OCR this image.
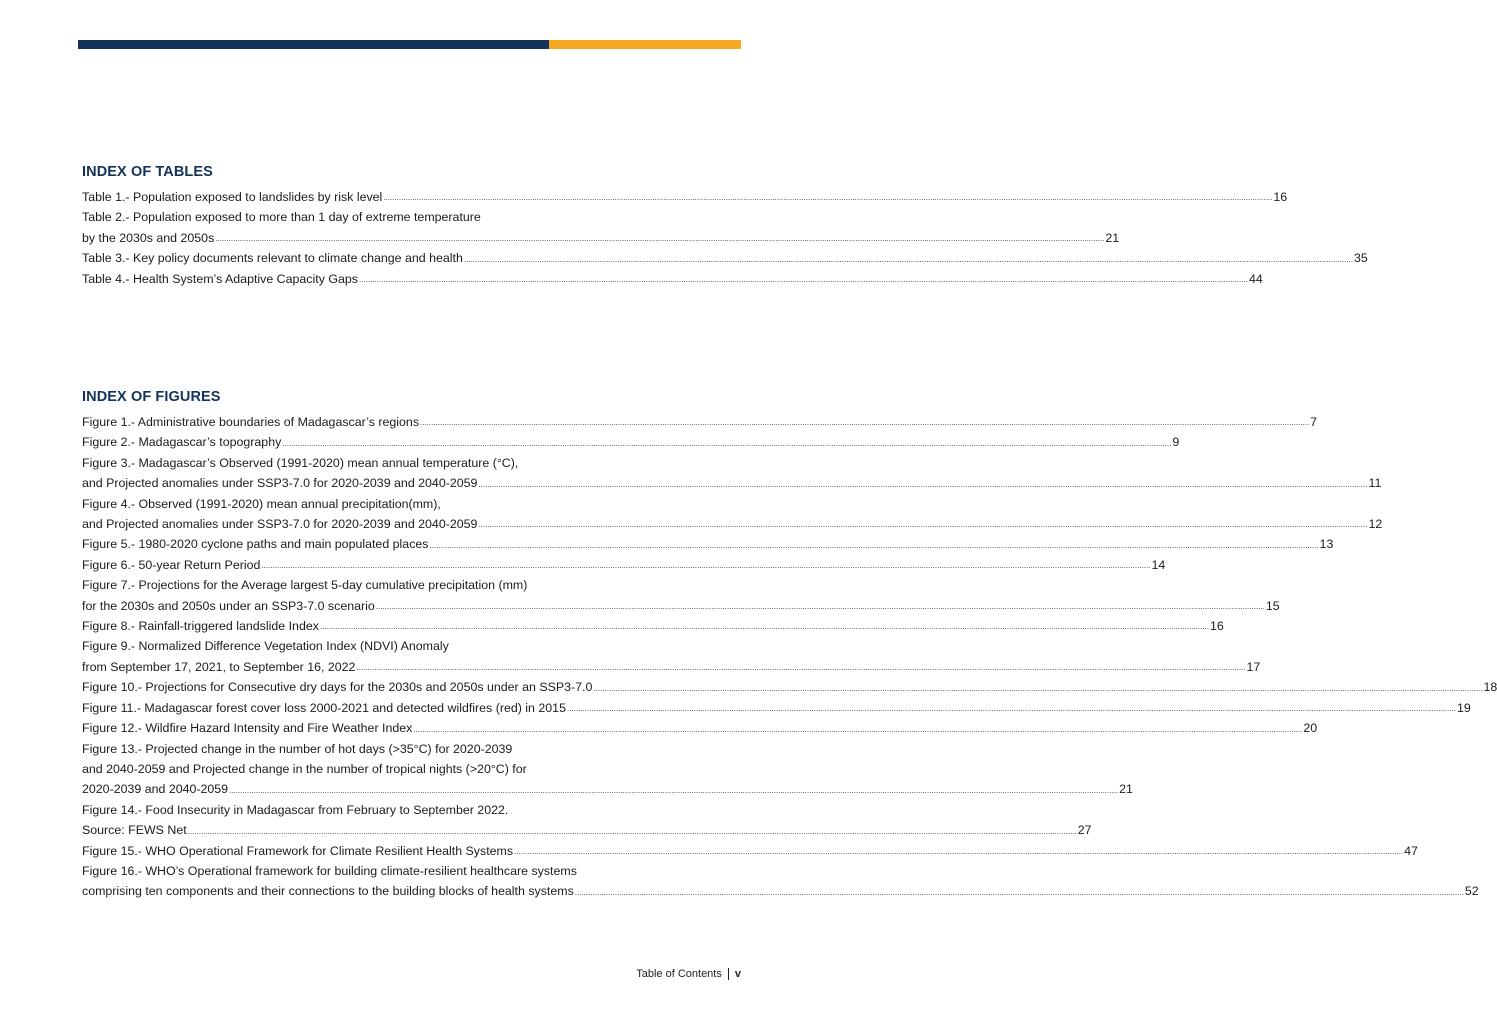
INDEX OF TABLES
Table 1.- Population exposed to landslides by risk level ................................................................................................................................................................................................................................................................................................................................................................................................................ 16
Table 2.- Population exposed to more than 1 day of extreme temperature
by the 2030s and 2050s ................................................................................................................................................................................................................................................................................................................................................................................................................ 21
Table 3.- Key policy documents relevant to climate change and health ................................................................................................................................................................................................................................................................................................................................................................................................................ 35
Table 4.- Health System’s Adaptive Capacity Gaps ................................................................................................................................................................................................................................................................................................................................................................................................................ 44
INDEX OF FIGURES
Figure 1.- Administrative boundaries of Madagascar’s regions ................................................................................................................................................................................................................................................................................................................................................................................................................ 7
Figure 2.- Madagascar’s topography ................................................................................................................................................................................................................................................................................................................................................................................................................ 9
Figure 3.- Madagascar’s Observed (1991-2020) mean annual temperature (°C),
and Projected anomalies under SSP3-7.0 for 2020-2039 and 2040-2059 ................................................................................................................................................................................................................................................................................................................................................................................................................ 11
Figure 4.- Observed (1991-2020) mean annual precipitation(mm),
and Projected anomalies under SSP3-7.0 for 2020-2039 and 2040-2059 ................................................................................................................................................................................................................................................................................................................................................................................................................ 12
Figure 5.- 1980-2020 cyclone paths and main populated places ................................................................................................................................................................................................................................................................................................................................................................................................................ 13
Figure 6.- 50-year Return Period ................................................................................................................................................................................................................................................................................................................................................................................................................ 14
Figure 7.- Projections for the Average largest 5-day cumulative precipitation (mm)
for the 2030s and 2050s under an SSP3-7.0 scenario ................................................................................................................................................................................................................................................................................................................................................................................................................ 15
Figure 8.- Rainfall-triggered landslide Index ................................................................................................................................................................................................................................................................................................................................................................................................................ 16
Figure 9.- Normalized Difference Vegetation Index (NDVI) Anomaly
from September 17, 2021, to September 16, 2022 ................................................................................................................................................................................................................................................................................................................................................................................................................ 17
Figure 10.- Projections for Consecutive dry days for the 2030s and 2050s under an SSP3-7.0 ................................................................................................................................................................................................................................................................................................................................................................................................................ 18
Figure 11.- Madagascar forest cover loss 2000-2021 and detected wildfires (red) in 2015 ................................................................................................................................................................................................................................................................................................................................................................................................................ 19
Figure 12.- Wildfire Hazard Intensity and Fire Weather Index ................................................................................................................................................................................................................................................................................................................................................................................................................ 20
Figure 13.- Projected change in the number of hot days (>35°C) for 2020-2039
and 2040-2059 and Projected change in the number of tropical nights (>20°C) for
2020-2039 and 2040-2059 ................................................................................................................................................................................................................................................................................................................................................................................................................ 21
Figure 14.- Food Insecurity in Madagascar from February to September 2022.
Source: FEWS Net ................................................................................................................................................................................................................................................................................................................................................................................................................ 27
Figure 15.- WHO Operational Framework for Climate Resilient Health Systems ................................................................................................................................................................................................................................................................................................................................................................................................................ 47
Figure 16.- WHO’s Operational framework for building climate-resilient healthcare systems
comprising ten components and their connections to the building blocks of health systems ................................................................................................................................................................................................................................................................................................................................................................................................................ 52
Table of Contents v
